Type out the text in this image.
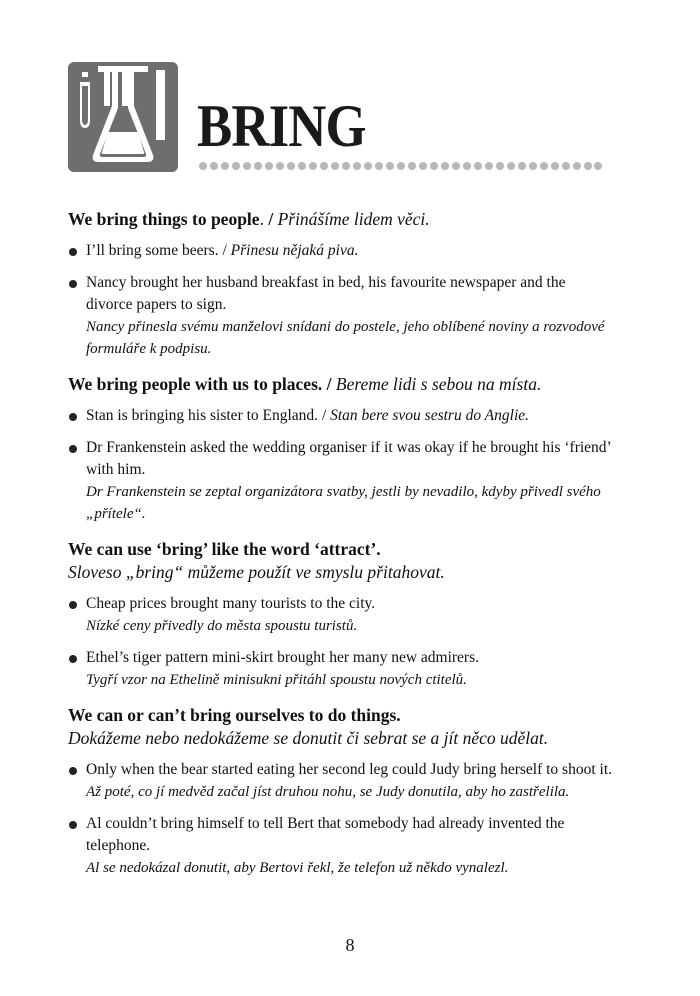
BRING
We bring things to people. / Přinášíme lidem věci.
I’ll bring some beers. / Přinesu nějaká piva.
Nancy brought her husband breakfast in bed, his favourite newspaper and the divorce papers to sign.
Nancy přinesla svému manželovi snídani do postele, jeho oblíbené noviny a rozvodové formuláře k podpisu.
We bring people with us to places. / Bereme lidi s sebou na místa.
Stan is bringing his sister to England. / Stan bere svou sestru do Anglie.
Dr Frankenstein asked the wedding organiser if it was okay if he brought his ‘friend’ with him.
Dr Frankenstein se zeptal organizátora svatby, jestli by nevadilo, kdyby přivedl svého „přítele“.
We can use ‘bring’ like the word ‘attract’.
Sloveso „bring“ můžeme použít ve smyslu přitahovat.
Cheap prices brought many tourists to the city.
Nízké ceny přivedly do města spoustu turistů.
Ethel’s tiger pattern mini-skirt brought her many new admirers.
Tygří vzor na Ethelině minisukni přitáhl spoustu nových ctitelů.
We can or can’t bring ourselves to do things.
Dokážeme nebo nedokážeme se donutit či sebrat se a jít něco udělat.
Only when the bear started eating her second leg could Judy bring herself to shoot it.
Až poté, co jí medvěd začal jíst druhou nohu, se Judy donutila, aby ho zastřelila.
Al couldn’t bring himself to tell Bert that somebody had already invented the telephone.
Al se nedokázal donutit, aby Bertovi řekl, že telefon už někdo vynalezl.
8
